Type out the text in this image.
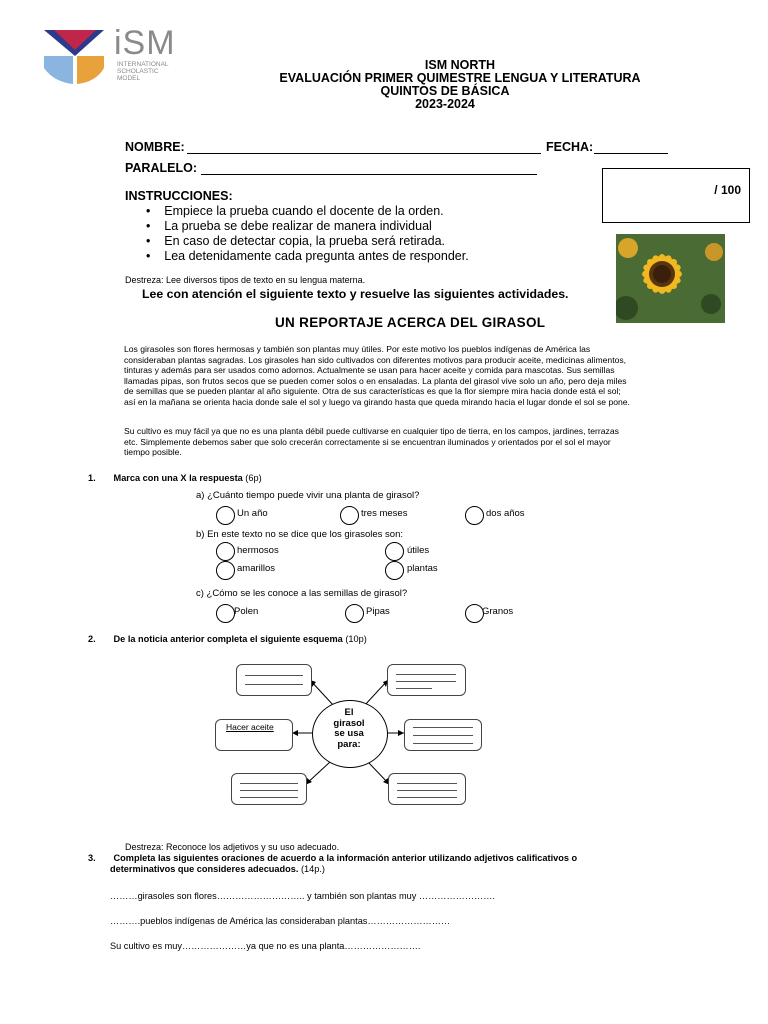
iSM
INTERNATIONAL
SCHOLASTIC
MODEL
ISM NORTH
EVALUACIÓN PRIMER QUIMESTRE LENGUA Y LITERATURA
QUINTOS DE BÁSICA
2023-2024
NOMBRE:	FECHA:
PARALELO:
/ 100
INSTRUCCIONES:
•    Empiece la prueba cuando el docente de la orden.
•    La prueba se debe realizar de manera individual
•    En caso de detectar copia, la prueba será retirada.
•    Lea detenidamente cada pregunta antes de responder.
Destreza: Lee diversos tipos de texto en su lengua materna.
Lee con atención el siguiente texto y resuelve las siguientes actividades.
UN REPORTAJE ACERCA DEL GIRASOL
Los girasoles son flores hermosas y también son plantas muy útiles. Por este motivo los pueblos indígenas de América las
consideraban plantas sagradas. Los girasoles han sido cultivados con diferentes motivos para producir aceite, medicinas alimentos,
tinturas y además para ser usados como adornos. Actualmente se usan para hacer aceite y comida para mascotas. Sus semillas
llamadas pipas, son frutos secos que se pueden comer solos o en ensaladas. La planta del girasol vive solo un año, pero deja miles
de semillas que se pueden plantar al año siguiente. Otra de sus características es que la flor siempre mira hacia donde está el sol;
así en la mañana se orienta hacia donde sale el sol y luego va girando hasta que queda mirando hacia el lugar donde el sol se pone.
Su cultivo es muy fácil ya que no es una planta débil puede cultivarse en cualquier tipo de tierra, en los campos, jardines, terrazas
etc. Simplemente debemos saber que solo crecerán correctamente si se encuentran iluminados y orientados por el sol el mayor
tiempo posible.
1. Marca con una X la respuesta (6p)
a) ¿Cuánto tiempo puede vivir una planta de girasol?
Un año	tres meses	dos años
b) En este texto no se dice que los girasoles son:
hermosos	útiles
amarillos	plantas
c) ¿Cómo se les conoce a las semillas de girasol?
Polen	Pipas	Granos
2. De la noticia anterior completa el siguiente esquema (10p)
El
girasol
se usa
para:
Hacer aceite
Destreza: Reconoce los adjetivos y su uso adecuado.
3. Completa las siguientes oraciones de acuerdo a la información anterior utilizando adjetivos calificativos o
determinativos que consideres adecuados. (14p.)
………girasoles son flores……………………….. y también son plantas muy …………………….
……….pueblos indígenas de América las consideraban plantas………………………
Su cultivo es muy…………………ya que no es una planta…………………….
